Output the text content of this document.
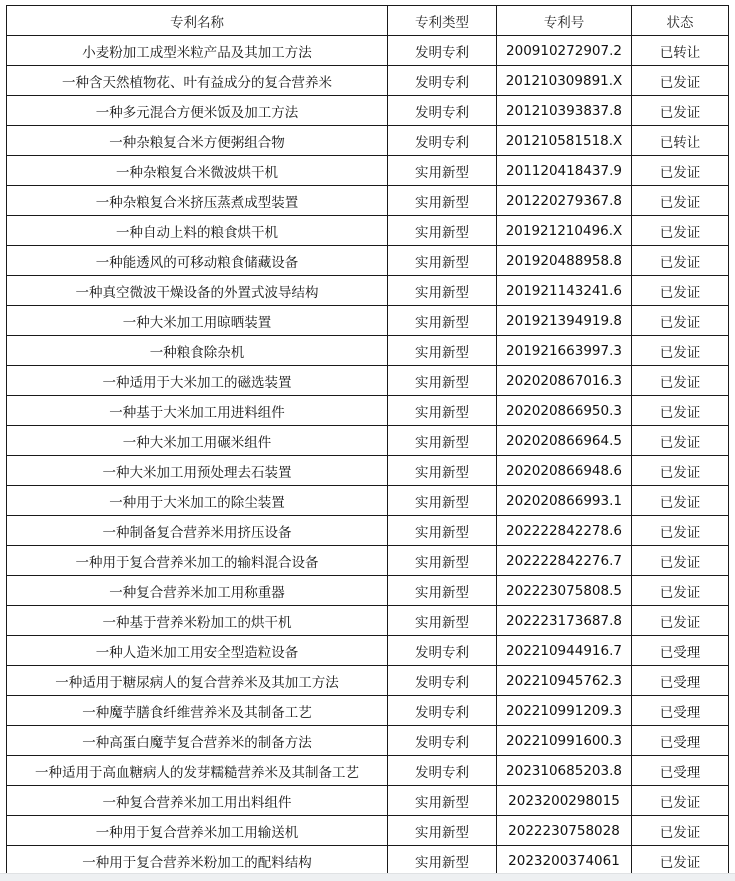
专利名称	专利类型	专利号	状态
小麦粉加工成型米粒产品及其加工方法	发明专利	200910272907.2	已转让
一种含天然植物花、叶有益成分的复合营养米	发明专利	201210309891.X	已发证
一种多元混合方便米饭及加工方法	发明专利	201210393837.8	已发证
一种杂粮复合米方便粥组合物	发明专利	201210581518.X	已转让
一种杂粮复合米微波烘干机	实用新型	201120418437.9	已发证
一种杂粮复合米挤压蒸煮成型装置	实用新型	201220279367.8	已发证
一种自动上料的粮食烘干机	实用新型	201921210496.X	已发证
一种能透风的可移动粮食储藏设备	实用新型	201920488958.8	已发证
一种真空微波干燥设备的外置式波导结构	实用新型	201921143241.6	已发证
一种大米加工用晾晒装置	实用新型	201921394919.8	已发证
一种粮食除杂机	实用新型	201921663997.3	已发证
一种适用于大米加工的磁选装置	实用新型	202020867016.3	已发证
一种基于大米加工用进料组件	实用新型	202020866950.3	已发证
一种大米加工用碾米组件	实用新型	202020866964.5	已发证
一种大米加工用预处理去石装置	实用新型	202020866948.6	已发证
一种用于大米加工的除尘装置	实用新型	202020866993.1	已发证
一种制备复合营养米用挤压设备	实用新型	202222842278.6	已发证
一种用于复合营养米加工的输料混合设备	实用新型	202222842276.7	已发证
一种复合营养米加工用称重器	实用新型	202223075808.5	已发证
一种基于营养米粉加工的烘干机	实用新型	202223173687.8	已发证
一种人造米加工用安全型造粒设备	发明专利	202210944916.7	已受理
一种适用于糖尿病人的复合营养米及其加工方法	发明专利	202210945762.3	已受理
一种魔芋膳食纤维营养米及其制备工艺	发明专利	202210991209.3	已受理
一种高蛋白魔芋复合营养米的制备方法	发明专利	202210991600.3	已受理
一种适用于高血糖病人的发芽糯糙营养米及其制备工艺	发明专利	202310685203.8	已受理
一种复合营养米加工用出料组件	实用新型	2023200298015	已发证
一种用于复合营养米加工用输送机	实用新型	2022230758028	已发证
一种用于复合营养米粉加工的配料结构	实用新型	2023200374061	已发证
